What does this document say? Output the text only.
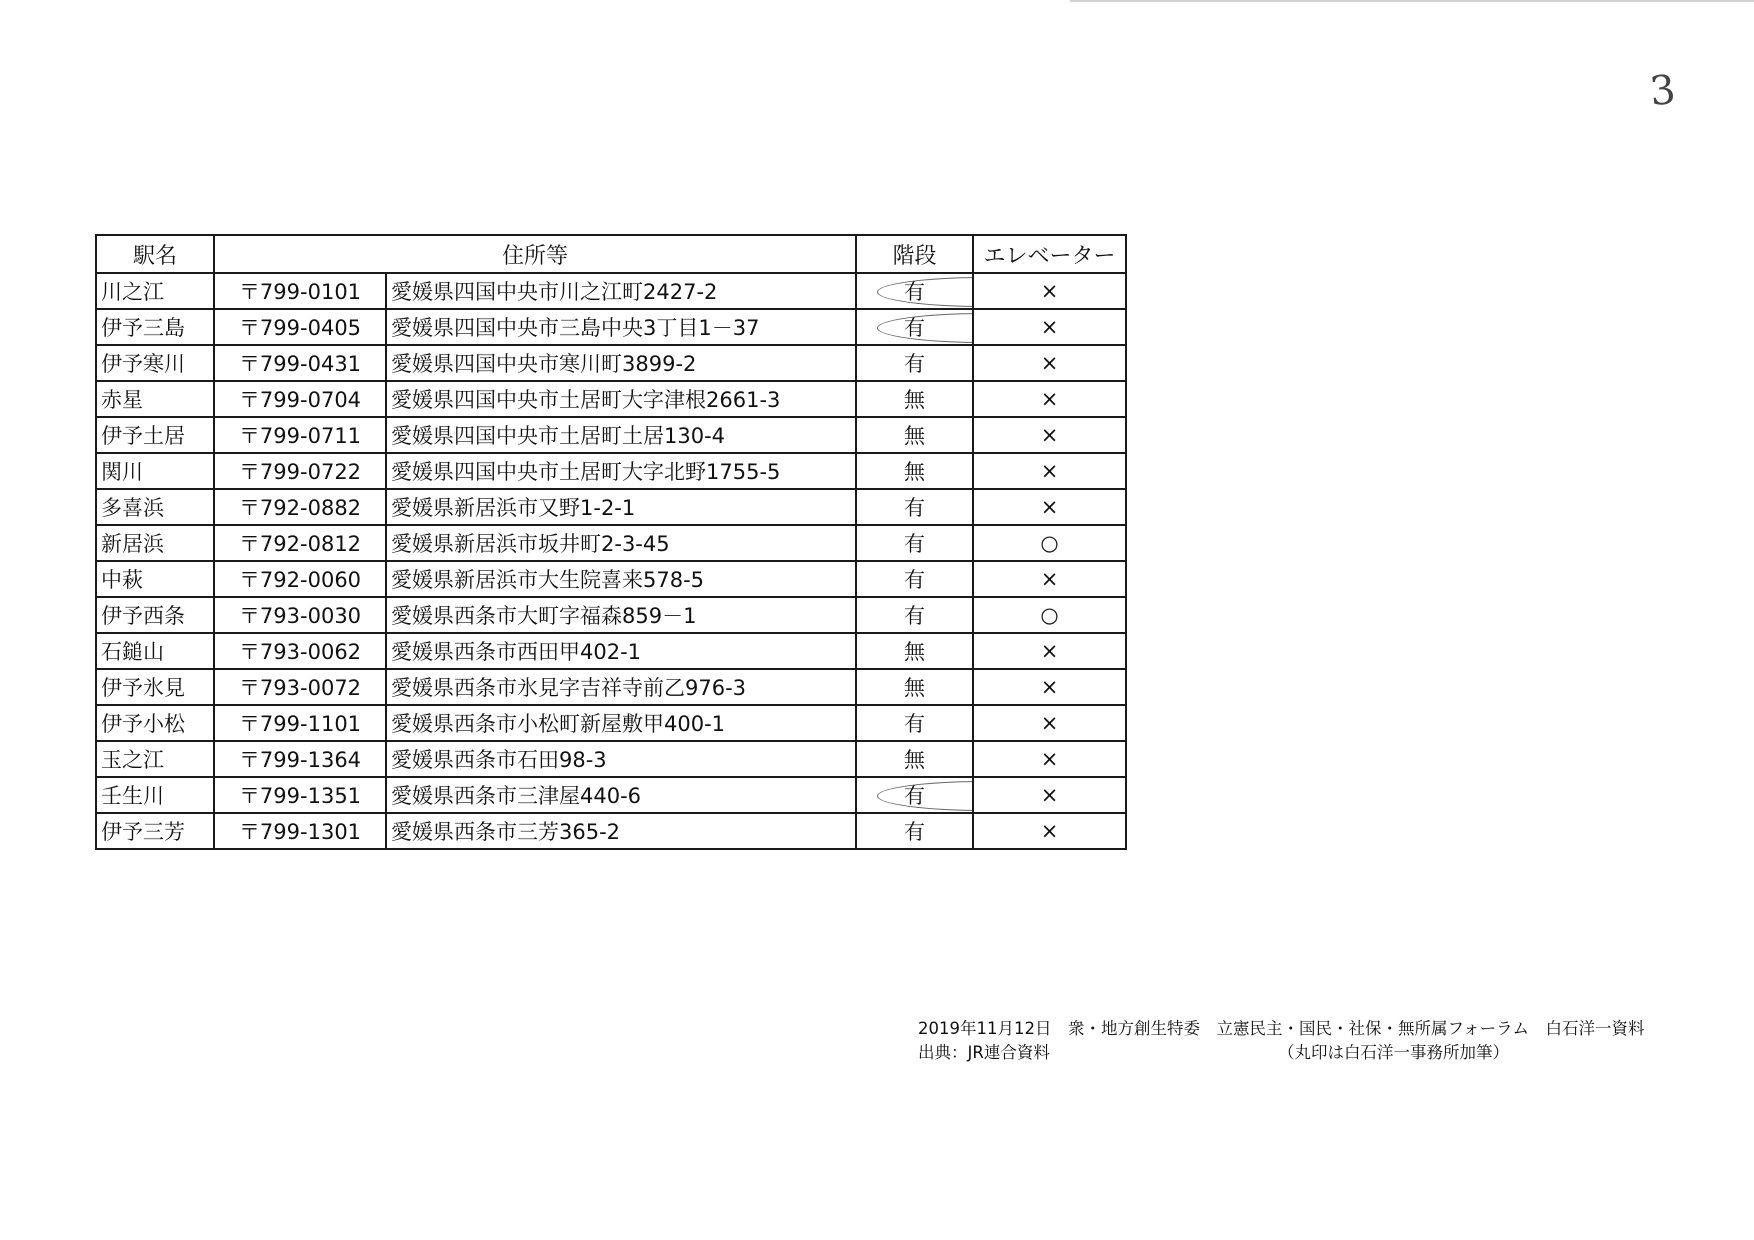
3
駅名	住所等		階段	エレベーター
川之江	〒799-0101	愛媛県四国中央市川之江町2427-2	有	×
伊予三島	〒799-0405	愛媛県四国中央市三島中央3丁目1－37	有	×
伊予寒川	〒799-0431	愛媛県四国中央市寒川町3899-2	有	×
赤星	〒799-0704	愛媛県四国中央市土居町大字津根2661-3	無	×
伊予土居	〒799-0711	愛媛県四国中央市土居町土居130-4	無	×
関川	〒799-0722	愛媛県四国中央市土居町大字北野1755-5	無	×
多喜浜	〒792-0882	愛媛県新居浜市又野1-2-1	有	×
新居浜	〒792-0812	愛媛県新居浜市坂井町2-3-45	有	○
中萩	〒792-0060	愛媛県新居浜市大生院喜来578-5	有	×
伊予西条	〒793-0030	愛媛県西条市大町字福森859－1	有	○
石鎚山	〒793-0062	愛媛県西条市西田甲402-1	無	×
伊予氷見	〒793-0072	愛媛県西条市氷見字吉祥寺前乙976-3	無	×
伊予小松	〒799-1101	愛媛県西条市小松町新屋敷甲400-1	有	×
玉之江	〒799-1364	愛媛県西条市石田98-3	無	×
壬生川	〒799-1351	愛媛県西条市三津屋440-6	有	×
伊予三芳	〒799-1301	愛媛県西条市三芳365-2	有	×
2019年11月12日　衆・地方創生特委　立憲民主・国民・社保・無所属フォーラム　白石洋一資料
出典：JR連合資料	（丸印は白石洋一事務所加筆）
